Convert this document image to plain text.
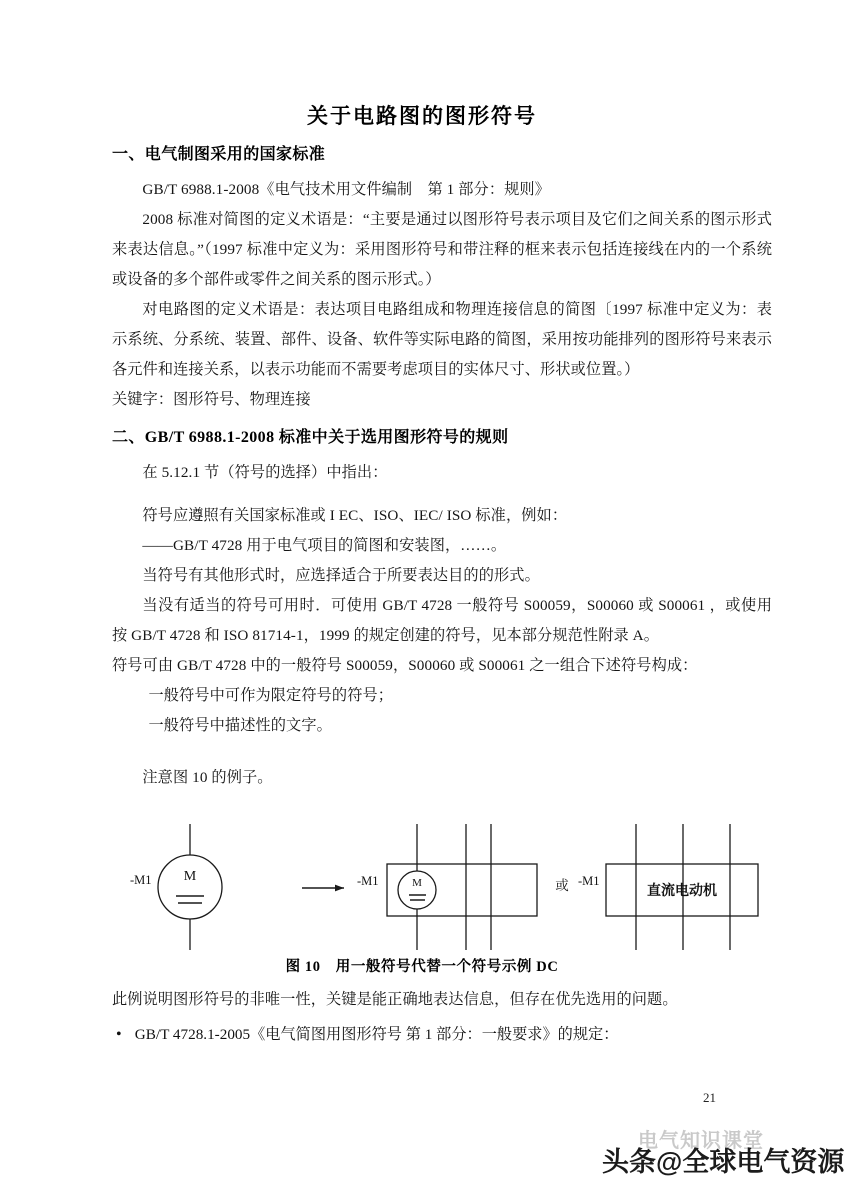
关于电路图的图形符号
一、电气制图采用的国家标准

GB/T 6988.1-2008《电气技术用文件编制　第 1 部分：规则》

2008 标准对简图的定义术语是：“主要是通过以图形符号表示项目及它们之间关系的图示形式来表达信息。”（1997 标准中定义为：采用图形符号和带注释的框来表示包括连接线在内的一个系统或设备的多个部件或零件之间关系的图示形式。）

对电路图的定义术语是：表达项目电路组成和物理连接信息的简图〔1997 标准中定义为：表示系统、分系统、装置、部件、设备、软件等实际电路的简图，采用按功能排列的图形符号来表示各元件和连接关系，以表示功能而不需要考虑项目的实体尺寸、形状或位置。）

关键字：图形符号、物理连接

二、GB/T 6988.1-2008 标准中关于选用图形符号的规则

在 5.12.1 节（符号的选择）中指出：

符号应遵照有关国家标准或 I EC、ISO、IEC/ ISO 标准，例如：

——GB/T 4728 用于电气项目的简图和安装图，……。

当符号有其他形式时，应选择适合于所要表达目的的形式。

当没有适当的符号可用时．可使用 GB/T 4728 一般符号 S00059，S00060 或 S00061 ，或使用按 GB/T 4728 和 ISO 81714-1，1999 的规定创建的符号，见本部分规范性附录 A。

符号可由 GB/T 4728 中的一般符号 S00059，S00060 或 S00061 之一组合下述符号构成：

一般符号中可作为限定符号的符号；

一般符号中描述性的文字。

注意图 10 的例子。

-M1 M	-M1	M	或 -M1
直流电动机
图 10　用一般符号代替一个符号示例 DC

此例说明图形符号的非唯一性，关键是能正确地表达信息，但存在优先选用的问题。

• GB/T 4728.1-2005《电气简图用图形符号 第 1 部分：一般要求》的规定：

21
电气知识课堂
头条@全球电气资源
